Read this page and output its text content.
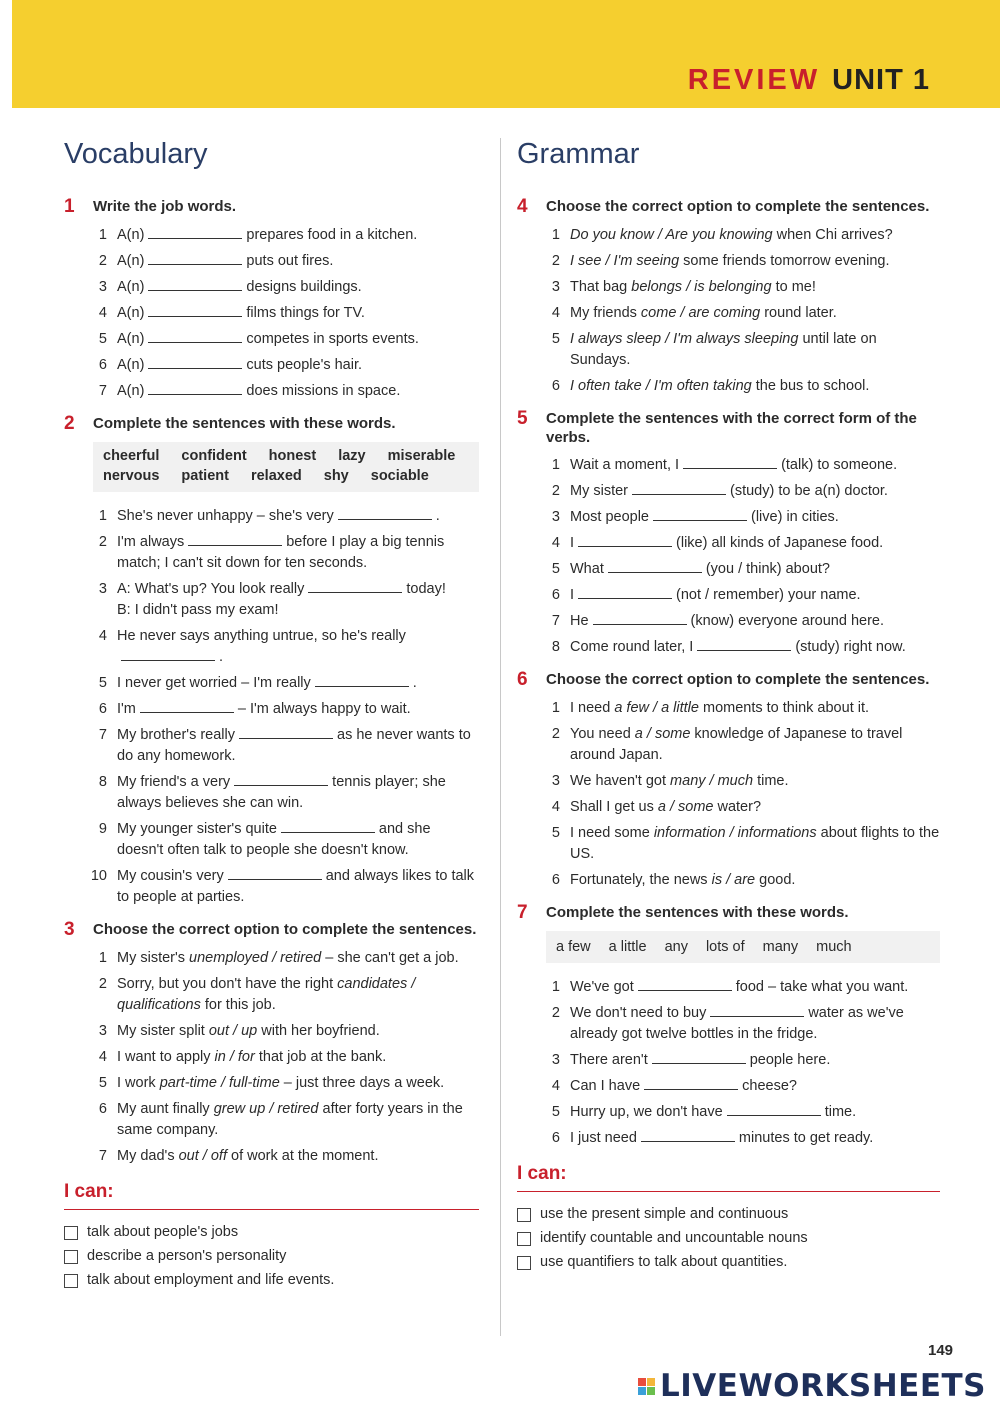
REVIEW UNIT 1
Vocabulary
1	Write the job words.
1 A(n)	prepares food in a kitchen.
2 A(n)	puts out fires.
3 A(n)	designs buildings.
4 A(n)	films things for TV.
5 A(n)	competes in sports events.
6 A(n)	cuts people's hair.
7 A(n)	does missions in space.
2	Complete the sentences with these words.
cheerful confident honest lazy miserable
nervous patient relaxed shy sociable
1 She's never unhappy – she's very	.
2 I'm always	before I play a big tennis match; I can't sit down for ten seconds.
3 A: What's up? You look really	today!
B: I didn't pass my exam!
4 He never says anything untrue, so he's really.
5 I never get worried – I'm really	.
6 I'm	– I'm always happy to wait.
7 My brother's really	as he never wants to do any homework.
8 My friend's a very	tennis player; she always believes she can win.
9 My younger sister's quite	and she doesn't often talk to people she doesn't know.
10 My cousin's very	and always likes to talk to people at parties.
3	Choose the correct option to complete the sentences.
1 My sister's unemployed / retired – she can't get a job.
2 Sorry, but you don't have the right candidates / qualifications for this job.
3 My sister split out / up with her boyfriend.
4 I want to apply in / for that job at the bank.
5 I work part-time / full-time – just three days a week.
6 My aunt finally grew up / retired after forty years in the same company.
7 My dad's out / off of work at the moment.
I can:
talk about people's jobs
describe a person's personality
talk about employment and life events.
Grammar
4	Choose the correct option to complete the sentences.
1 Do you know / Are you knowing when Chi arrives?
2 I see / I'm seeing some friends tomorrow evening.
3 That bag belongs / is belonging to me!
4 My friends come / are coming round later.
5 I always sleep / I'm always sleeping until late on Sundays.
6 I often take / I'm often taking the bus to school.
5	Complete the sentences with the correct form of the verbs.
1 Wait a moment, I	(talk) to someone.
2 My sister	(study) to be a(n) doctor.
3 Most people	(live) in cities.
4 I	(like) all kinds of Japanese food.
5 What	(you / think) about?
6 I	(not / remember) your name.
7 He	(know) everyone around here.
8 Come round later, I	(study) right now.
6	Choose the correct option to complete the sentences.
1 I need a few / a little moments to think about it.
2 You need a / some knowledge of Japanese to travel around Japan.
3 We haven't got many / much time.
4 Shall I get us a / some water?
5 I need some information / informations about flights to the US.
6 Fortunately, the news is / are good.
7	Complete the sentences with these words.
a few a little any lots of many much
1 We've got	food – take what you want.
2 We don't need to buy	water as we've already got twelve bottles in the fridge.
3 There aren't	people here.
4 Can I have	cheese?
5 Hurry up, we don't have	time.
6 I just need	minutes to get ready.
I can:
use the present simple and continuous
identify countable and uncountable nouns
use quantifiers to talk about quantities.
149
LIVEWORKSHEETS
